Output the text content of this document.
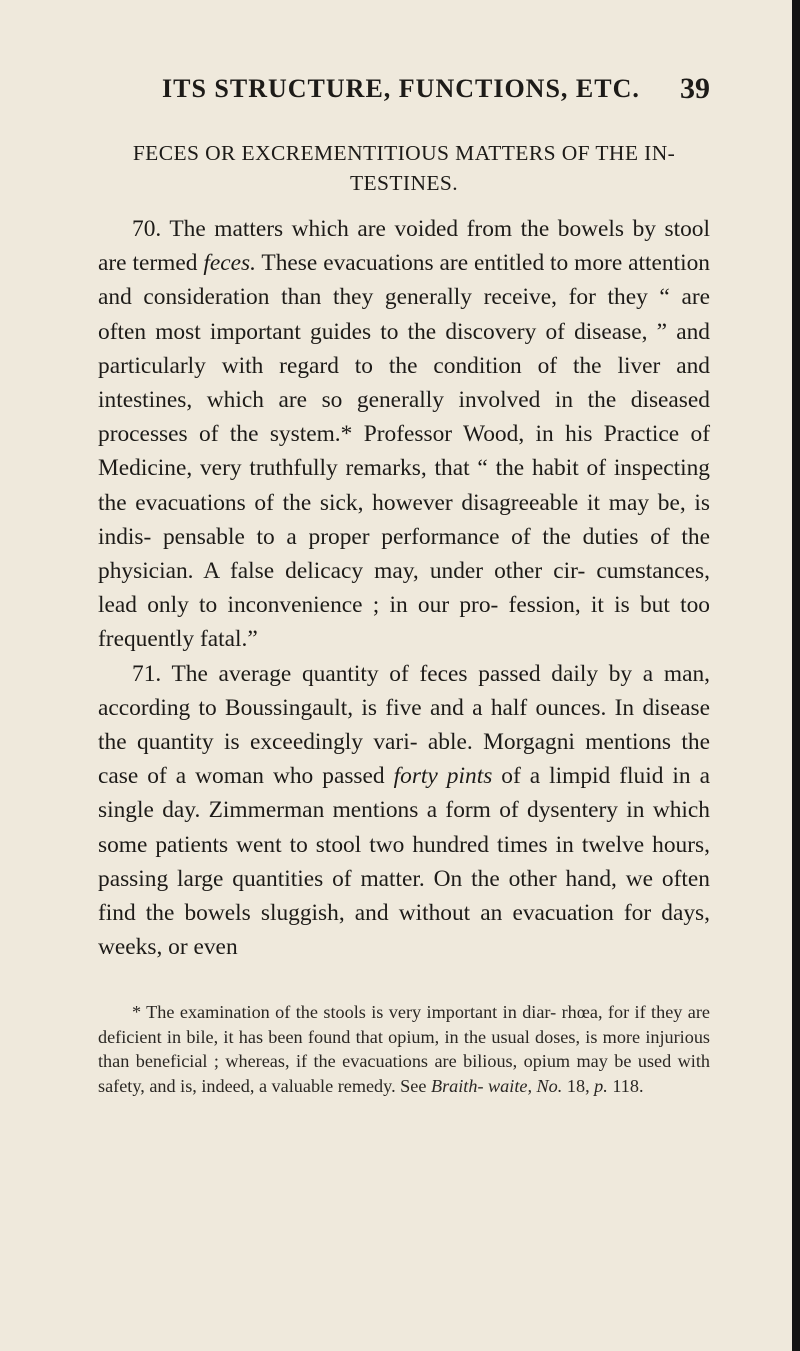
ITS STRUCTURE, FUNCTIONS, ETC. 39
FECES OR EXCREMENTITIOUS MATTERS OF THE IN- TESTINES.

70. The matters which are voided from the bowels by stool are termed feces. These evacuations are entitled to more attention and consideration than they generally receive, for they “ are often most important guides to the discovery of disease, ” and particularly with regard to the condition of the liver and intestines, which are so generally involved in the diseased processes of the system.* Professor Wood, in his Practice of Medicine, very truthfully remarks, that “ the habit of inspecting the evacuations of the sick, however disagreeable it may be, is indis- pensable to a proper performance of the duties of the physician. A false delicacy may, under other cir- cumstances, lead only to inconvenience ; in our pro- fession, it is but too frequently fatal.”

71. The average quantity of feces passed daily by a man, according to Boussingault, is five and a half ounces. In disease the quantity is exceedingly vari- able. Morgagni mentions the case of a woman who passed forty pints of a limpid fluid in a single day. Zimmerman mentions a form of dysentery in which some patients went to stool two hundred times in twelve hours, passing large quantities of matter. On the other hand, we often find the bowels sluggish, and without an evacuation for days, weeks, or even

* The examination of the stools is very important in diar- rhœa, for if they are deficient in bile, it has been found that opium, in the usual doses, is more injurious than beneficial ; whereas, if the evacuations are bilious, opium may be used with safety, and is, indeed, a valuable remedy. See Braith- waite, No. 18, p. 118.
